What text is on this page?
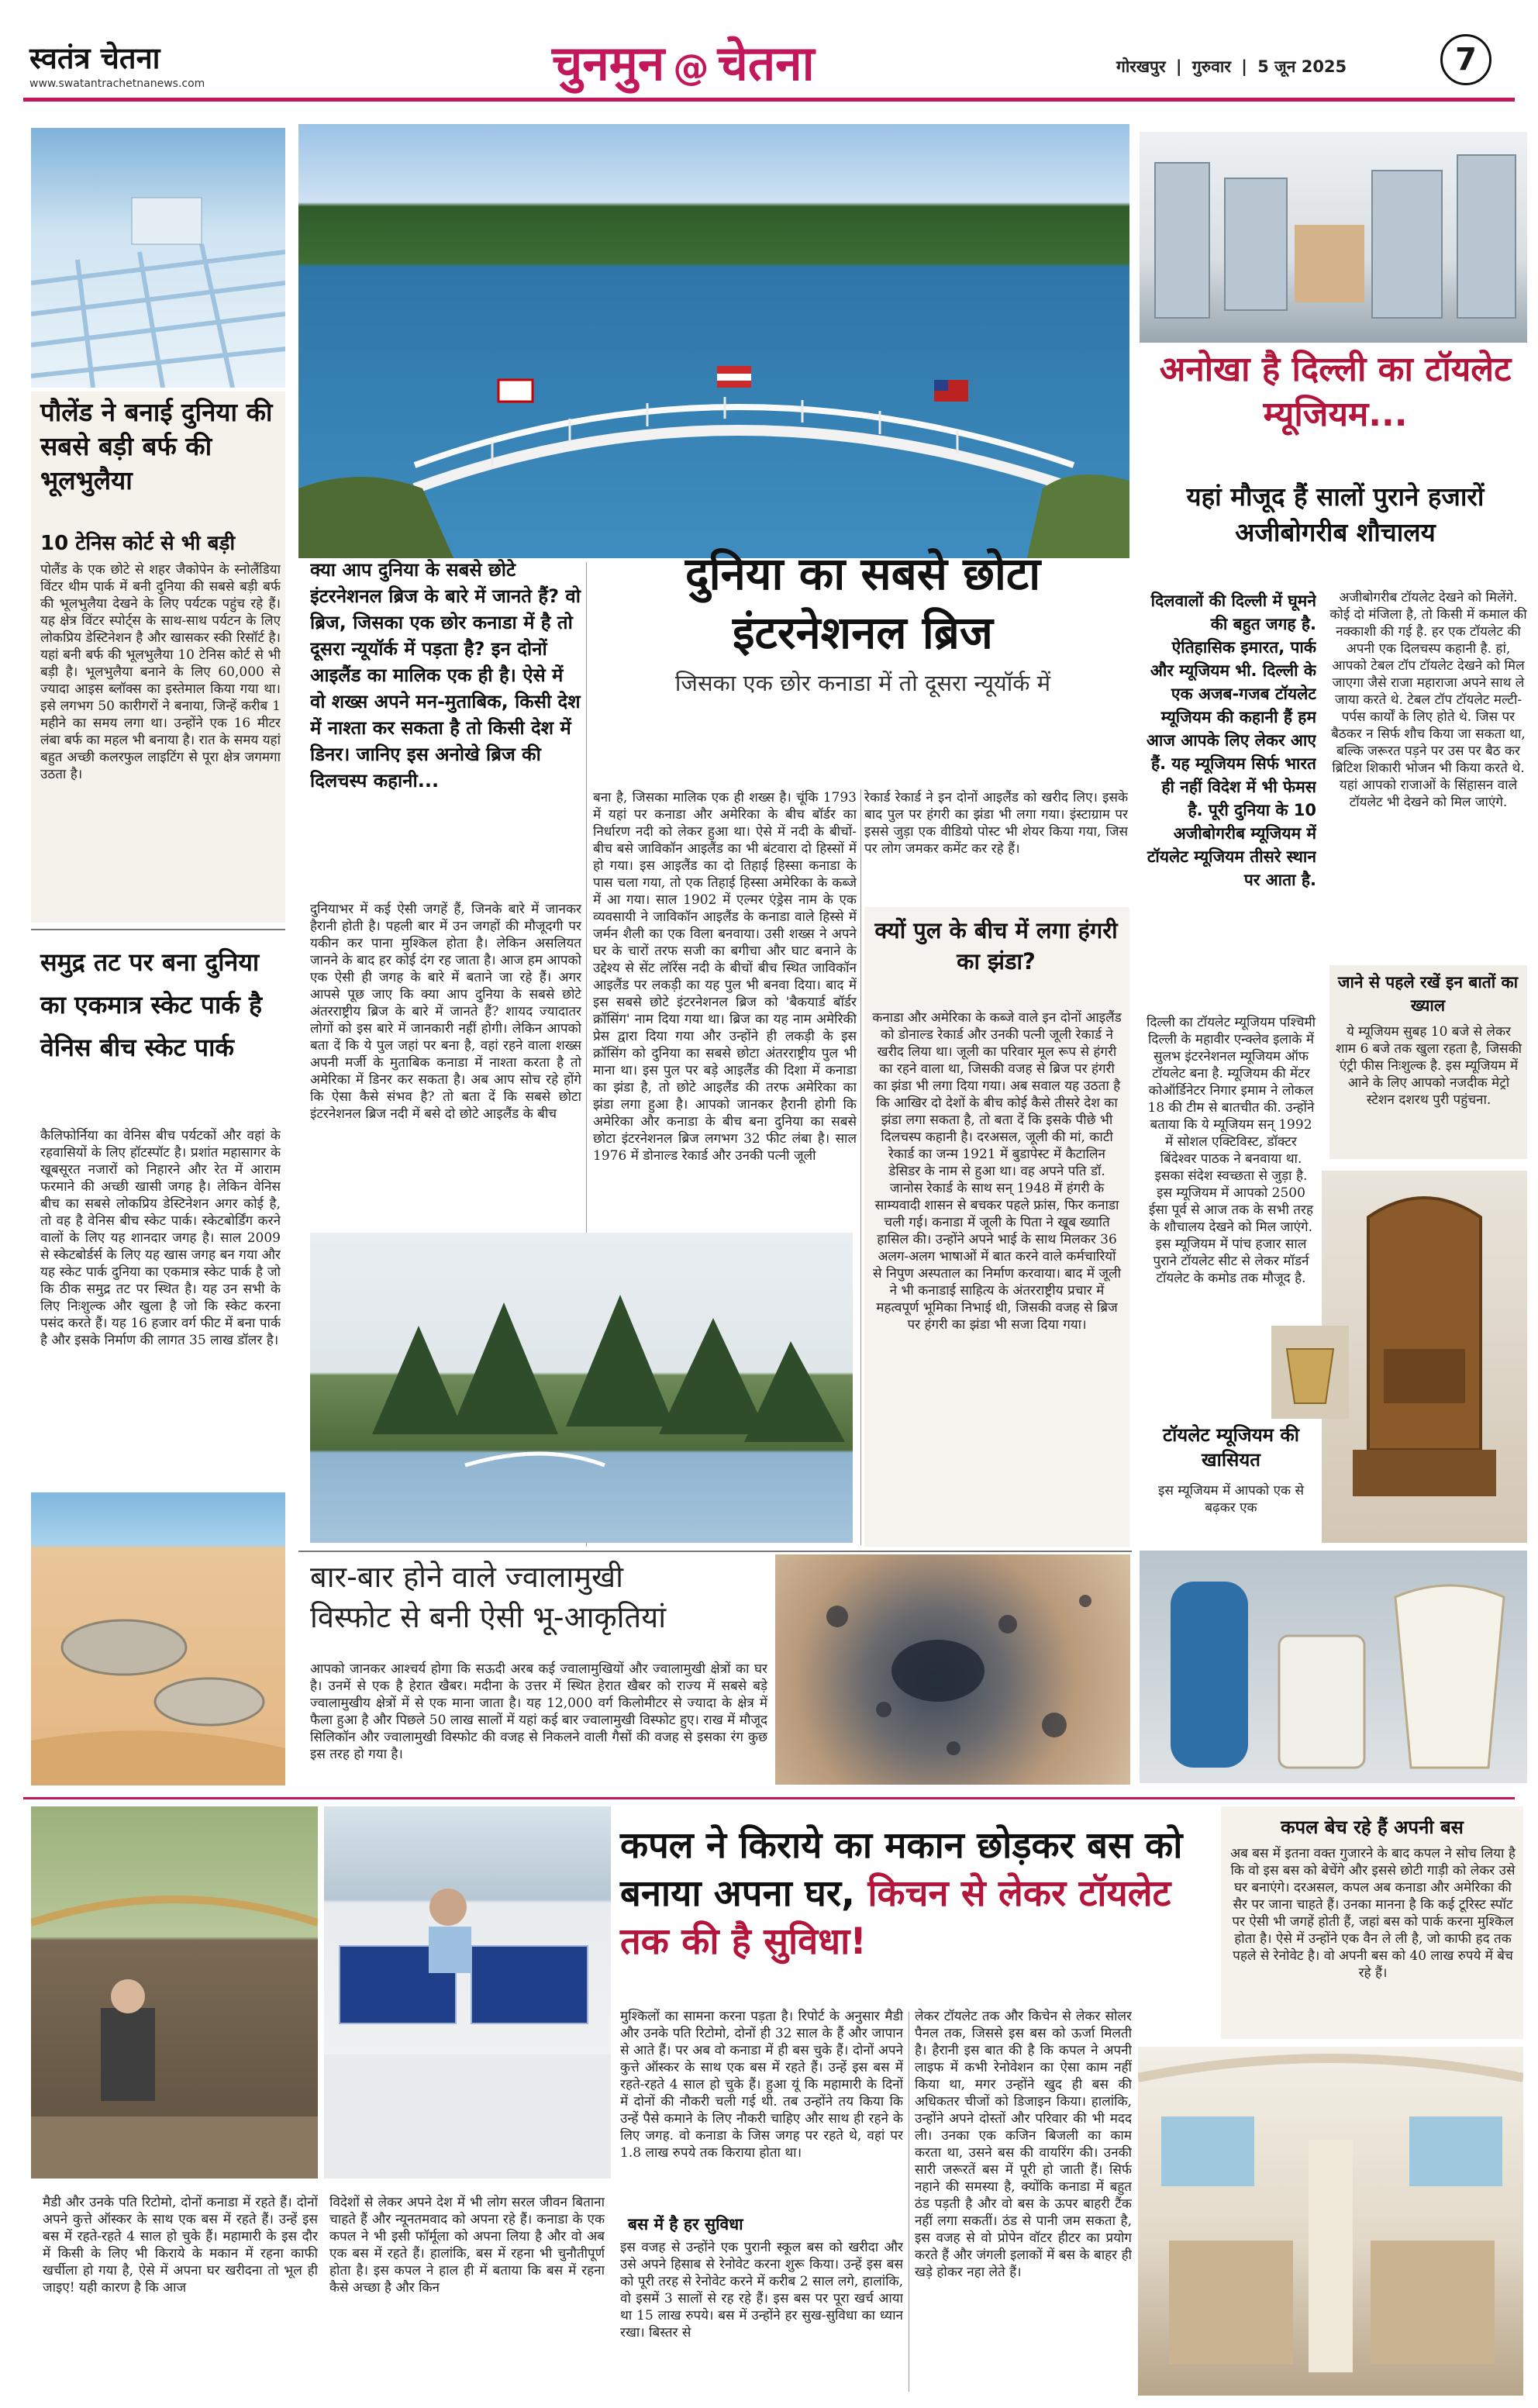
स्वतंत्र चेतना
www.swatantrachetnanews.com	चुनमुन @ चेतना	गोरखपुर | गुरुवार | 5 जून 2025	7
पौलेंड ने बनाई दुनिया की सबसे बड़ी बर्फ की भूलभुलैया
10 टेनिस कोर्ट से भी बड़ी
पोलैंड के एक छोटे से शहर जैकोपेन के स्नोलैंडिया विंटर थीम पार्क में बनी दुनिया की सबसे बड़ी बर्फ की भूलभुलैया देखने के लिए पर्यटक पहुंच रहे हैं। यह क्षेत्र विंटर स्पोर्ट्स के साथ-साथ पर्यटन के लिए लोकप्रिय डेस्टिनेशन है और खासकर स्की रिसॉर्ट है। यहां बनी बर्फ की भूलभुलैया 10 टेनिस कोर्ट से भी बड़ी है। भूलभुलैया बनाने के लिए 60,000 से ज्यादा आइस ब्लॉक्स का इस्तेमाल किया गया था। इसे लगभग 50 कारीगरों ने बनाया, जिन्हें करीब 1 महीने का समय लगा था। उन्होंने एक 16 मीटर लंबा बर्फ का महल भी बनाया है। रात के समय यहां बहुत अच्छी कलरफुल लाइटिंग से पूरा क्षेत्र जगमगा उठता है।
समुद्र तट पर बना दुनिया का एकमात्र स्केट पार्क है वेनिस बीच स्केट पार्क
कैलिफोर्निया का वेनिस बीच पर्यटकों और वहां के रहवासियों के लिए हॉटस्पॉट है। प्रशांत महासागर के खूबसूरत नजारों को निहारने और रेत में आराम फरमाने की अच्छी खासी जगह है। लेकिन वेनिस बीच का सबसे लोकप्रिय डेस्टिनेशन अगर कोई है, तो वह है वेनिस बीच स्केट पार्क। स्केटबोर्डिंग करने वालों के लिए यह शानदार जगह है। साल 2009 से स्केटबोर्डर्स के लिए यह खास जगह बन गया और यह स्केट पार्क दुनिया का एकमात्र स्केट पार्क है जो कि ठीक समुद्र तट पर स्थित है। यह उन सभी के लिए निःशुल्क और खुला है जो कि स्केट करना पसंद करते हैं। यह 16 हजार वर्ग फीट में बना पार्क है और इसके निर्माण की लागत 35 लाख डॉलर है।
क्या आप दुनिया के सबसे छोटे इंटरनेशनल ब्रिज के बारे में जानते हैं? वो ब्रिज, जिसका एक छोर कनाडा में है तो दूसरा न्यूयॉर्क में पड़ता है? इन दोनों आइलैंड का मालिक एक ही है। ऐसे में वो शख्स अपने मन-मुताबिक, किसी देश में नाश्ता कर सकता है तो किसी देश में डिनर। जानिए इस अनोखे ब्रिज की दिलचस्प कहानी...
दुनिया का सबसे छोटा इंटरनेशनल ब्रिज
जिसका एक छोर कनाडा में तो दूसरा न्यूयॉर्क में
दुनियाभर में कई ऐसी जगहें हैं, जिनके बारे में जानकर हैरानी होती है। पहली बार में उन जगहों की मौजूदगी पर यकीन कर पाना मुश्किल होता है। लेकिन असलियत जानने के बाद हर कोई दंग रह जाता है। आज हम आपको एक ऐसी ही जगह के बारे में बताने जा रहे हैं। अगर आपसे पूछ जाए कि क्या आप दुनिया के सबसे छोटे अंतरराष्ट्रीय ब्रिज के बारे में जानते हैं? शायद ज्यादातर लोगों को इस बारे में जानकारी नहीं होगी। लेकिन आपको बता दें कि ये पुल जहां पर बना है, वहां रहने वाला शख्स अपनी मर्जी के मुताबिक कनाडा में नाश्ता करता है तो अमेरिका में डिनर कर सकता है। अब आप सोच रहे होंगे कि ऐसा कैसे संभव है? तो बता दें कि सबसे छोटा इंटरनेशनल ब्रिज नदी में बसे दो छोटे आइलैंड के बीच
बना है, जिसका मालिक एक ही शख्स है। चूंकि 1793 में यहां पर कनाडा और अमेरिका के बीच बॉर्डर का निर्धारण नदी को लेकर हुआ था। ऐसे में नदी के बीचों-बीच बसे जाविकॉन आइलैंड का भी बंटवारा दो हिस्सों में हो गया। इस आइलैंड का दो तिहाई हिस्सा कनाडा के पास चला गया, तो एक तिहाई हिस्सा अमेरिका के कब्जे में आ गया। साल 1902 में एल्मर एंड्रेस नाम के एक व्यवसायी ने जाविकॉन आइलैंड के कनाडा वाले हिस्से में जर्मन शैली का एक विला बनवाया। उसी शख्स ने अपने घर के चारों तरफ सजी का बगीचा और घाट बनाने के उद्देश्य से सेंट लॉरेंस नदी के बीचों बीच स्थित जाविकॉन आइलैंड पर लकड़ी का यह पुल भी बनवा दिया। बाद में इस सबसे छोटे इंटरनेशनल ब्रिज को 'बैकयार्ड बॉर्डर क्रॉसिंग' नाम दिया गया था। ब्रिज का यह नाम अमेरिकी प्रेस द्वारा दिया गया और उन्होंने ही लकड़ी के इस क्रॉसिंग को दुनिया का सबसे छोटा अंतरराष्ट्रीय पुल भी माना था। इस पुल पर बड़े आइलैंड की दिशा में कनाडा का झंडा है, तो छोटे आइलैंड की तरफ अमेरिका का झंडा लगा हुआ है। आपको जानकर हैरानी होगी कि अमेरिका और कनाडा के बीच बना दुनिया का सबसे छोटा इंटरनेशनल ब्रिज लगभग 32 फीट लंबा है। साल 1976 में डोनाल्ड रेकार्ड और उनकी पत्नी जूली
रेकार्ड रेकार्ड ने इन दोनों आइलैंड को खरीद लिए। इसके बाद पुल पर हंगरी का झंडा भी लगा गया। इंस्टाग्राम पर इससे जुड़ा एक वीडियो पोस्ट भी शेयर किया गया, जिस पर लोग जमकर कमेंट कर रहे हैं।
क्यों पुल के बीच में लगा हंगरी का झंडा?
कनाडा और अमेरिका के कब्जे वाले इन दोनों आइलैंड को डोनाल्ड रेकार्ड और उनकी पत्नी जूली रेकार्ड ने खरीद लिया था। जूली का परिवार मूल रूप से हंगरी का रहने वाला था, जिसकी वजह से ब्रिज पर हंगरी का झंडा भी लगा दिया गया। अब सवाल यह उठता है कि आखिर दो देशों के बीच कोई कैसे तीसरे देश का झंडा लगा सकता है, तो बता दें कि इसके पीछे भी दिलचस्प कहानी है। दरअसल, जूली की मां, काटी रेकार्ड का जन्म 1921 में बुडापेस्ट में कैटालिन डेसिडर के नाम से हुआ था। वह अपने पति डॉ. जानोस रेकार्ड के साथ सन् 1948 में हंगरी के साम्यवादी शासन से बचकर पहले फ्रांस, फिर कनाडा चली गई। कनाडा में जूली के पिता ने खूब ख्याति हासिल की। उन्होंने अपने भाई के साथ मिलकर 36 अलग-अलग भाषाओं में बात करने वाले कर्मचारियों से निपुण अस्पताल का निर्माण करवाया। बाद में जूली ने भी कनाडाई साहित्य के अंतरराष्ट्रीय प्रचार में महत्वपूर्ण भूमिका निभाई थी, जिसकी वजह से ब्रिज पर हंगरी का झंडा भी सजा दिया गया।
अनोखा है दिल्ली का टॉयलेट म्यूजियम...
यहां मौजूद हैं सालों पुराने हजारों अजीबोगरीब शौचालय
दिलवालों की दिल्ली में घूमने की बहुत जगह है. ऐतिहासिक इमारत, पार्क और म्यूजियम भी. दिल्ली के एक अजब-गजब टॉयलेट म्यूजियम की कहानी हैं हम आज आपके लिए लेकर आए हैं. यह म्यूजियम सिर्फ भारत ही नहीं विदेश में भी फेमस है. पूरी दुनिया के 10 अजीबोगरीब म्यूजियम में टॉयलेट म्यूजियम तीसरे स्थान पर आता है.
अजीबोगरीब टॉयलेट देखने को मिलेंगे. कोई दो मंजिला है, तो किसी में कमाल की नक्काशी की गई है. हर एक टॉयलेट की अपनी एक दिलचस्प कहानी है. हां, आपको टेबल टॉप टॉयलेट देखने को मिल जाएगा जैसे राजा महाराजा अपने साथ ले जाया करते थे. टेबल टॉप टॉयलेट मल्टी-पर्पस कार्यों के लिए होते थे. जिस पर बैठकर न सिर्फ शौच किया जा सकता था, बल्कि जरूरत पड़ने पर उस पर बैठ कर ब्रिटिश शिकारी भोजन भी किया करते थे. यहां आपको राजाओं के सिंहासन वाले टॉयलेट भी देखने को मिल जाएंगे.
जाने से पहले रखें इन बातों का ख्याल
ये म्यूजियम सुबह 10 बजे से लेकर शाम 6 बजे तक खुला रहता है, जिसकी एंट्री फीस निःशुल्क है. इस म्यूजियम में आने के लिए आपको नजदीक मेट्रो स्टेशन दशरथ पुरी पहुंचना.
दिल्ली का टॉयलेट म्यूजियम पश्चिमी दिल्ली के महावीर एन्क्लेव इलाके में सुलभ इंटरनेशनल म्यूजियम ऑफ टॉयलेट बना है. म्यूजियम की मेंटर कोऑर्डिनेटर निगार इमाम ने लोकल 18 की टीम से बातचीत की. उन्होंने बताया कि ये म्यूजियम सन् 1992 में सोशल एक्टिविस्ट, डॉक्टर बिंदेश्वर पाठक ने बनवाया था. इसका संदेश स्वच्छता से जुड़ा है. इस म्यूजियम में आपको 2500 ईसा पूर्व से आज तक के सभी तरह के शौचालय देखने को मिल जाएंगे. इस म्यूजियम में पांच हजार साल पुराने टॉयलेट सीट से लेकर मॉडर्न टॉयलेट के कमोड तक मौजूद है.
टॉयलेट म्यूजियम की खासियत
इस म्यूजियम में आपको एक से बढ़कर एक
बार-बार होने वाले ज्वालामुखी
विस्फोट से बनी ऐसी भू-आकृतियां
आपको जानकर आश्चर्य होगा कि सऊदी अरब कई ज्वालामुखियों और ज्वालामुखी क्षेत्रों का घर है। उनमें से एक है हेरात खैबर। मदीना के उत्तर में स्थित हेरात खैबर को राज्य में सबसे बड़े ज्वालामुखीय क्षेत्रों में से एक माना जाता है। यह 12,000 वर्ग किलोमीटर से ज्यादा के क्षेत्र में फैला हुआ है और पिछले 50 लाख सालों में यहां कई बार ज्वालामुखी विस्फोट हुए। राख में मौजूद सिलिकॉन और ज्वालामुखी विस्फोट की वजह से निकलने वाली गैसों की वजह से इसका रंग कुछ इस तरह हो गया है।
कपल ने किराये का मकान छोड़कर बस को बनाया अपना घर, किचन से लेकर टॉयलेट तक की है सुविधा!
कपल बेच रहे हैं अपनी बस
अब बस में इतना वक्त गुजारने के बाद कपल ने सोच लिया है कि वो इस बस को बेचेंगे और इससे छोटी गाड़ी को लेकर उसे घर बनाएंगे। दरअसल, कपल अब कनाडा और अमेरिका की सैर पर जाना चाहते हैं। उनका मानना है कि कई टूरिस्ट स्पॉट पर ऐसी भी जगहें होती हैं, जहां बस को पार्क करना मुश्किल होता है। ऐसे में उन्होंने एक वैन ले ली है, जो काफी हद तक पहले से रेनोवेट है। वो अपनी बस को 40 लाख रुपये में बेच रहे हैं।
मैडी और उनके पति रिटोमो, दोनों कनाडा में रहते हैं। दोनों अपने कुत्ते ऑस्कर के साथ एक बस में रहते हैं। उन्हें इस बस में रहते-रहते 4 साल हो चुके हैं। महामारी के इस दौर में किसी के लिए भी किराये के मकान में रहना काफी खर्चीला हो गया है, ऐसे में अपना घर खरीदना तो भूल ही जाइए! यही कारण है कि आज
विदेशों से लेकर अपने देश में भी लोग सरल जीवन बिताना चाहते हैं और न्यूनतमवाद को अपना रहे हैं। कनाडा के एक कपल ने भी इसी फॉर्मूला को अपना लिया है और वो अब एक बस में रहते हैं। हालांकि, बस में रहना भी चुनौतीपूर्ण होता है। इस कपल ने हाल ही में बताया कि बस में रहना कैसे अच्छा है और किन
मुश्किलों का सामना करना पड़ता है। रिपोर्ट के अनुसार मैडी और उनके पति रिटोमो, दोनों ही 32 साल के हैं और जापान से आते हैं। पर अब वो कनाडा में ही बस चुके हैं। दोनों अपने कुत्ते ऑस्कर के साथ एक बस में रहते हैं। उन्हें इस बस में रहते-रहते 4 साल हो चुके हैं। हुआ यूं कि महामारी के दिनों में दोनों की नौकरी चली गई थी. तब उन्होंने तय किया कि उन्हें पैसे कमाने के लिए नौकरी चाहिए और साथ ही रहने के लिए जगह. वो कनाडा के जिस जगह पर रहते थे, वहां पर 1.8 लाख रुपये तक किराया होता था।
बस में है हर सुविधा
इस वजह से उन्होंने एक पुरानी स्कूल बस को खरीदा और उसे अपने हिसाब से रेनोवेट करना शुरू किया। उन्हें इस बस को पूरी तरह से रेनोवेट करने में करीब 2 साल लगे, हालांकि, वो इसमें 3 सालों से रह रहे हैं। इस बस पर पूरा खर्च आया था 15 लाख रुपये। बस में उन्होंने हर सुख-सुविधा का ध्यान रखा। बिस्तर से
लेकर टॉयलेट तक और किचेन से लेकर सोलर पैनल तक, जिससे इस बस को ऊर्जा मिलती है। हैरानी इस बात की है कि कपल ने अपनी लाइफ में कभी रेनोवेशन का ऐसा काम नहीं किया था, मगर उन्होंने खुद ही बस की अधिकतर चीजों को डिजाइन किया। हालांकि, उन्होंने अपने दोस्तों और परिवार की भी मदद ली। उनका एक कजिन बिजली का काम करता था, उसने बस की वायरिंग की। उनकी सारी जरूरतें बस में पूरी हो जाती हैं। सिर्फ नहाने की समस्या है, क्योंकि कनाडा में बहुत ठंड पड़ती है और वो बस के ऊपर बाहरी टैंक नहीं लगा सकतीं। ठंड से पानी जम सकता है, इस वजह से वो प्रोपेन वॉटर हीटर का प्रयोग करते हैं और जंगली इलाकों में बस के बाहर ही खड़े होकर नहा लेते हैं।
